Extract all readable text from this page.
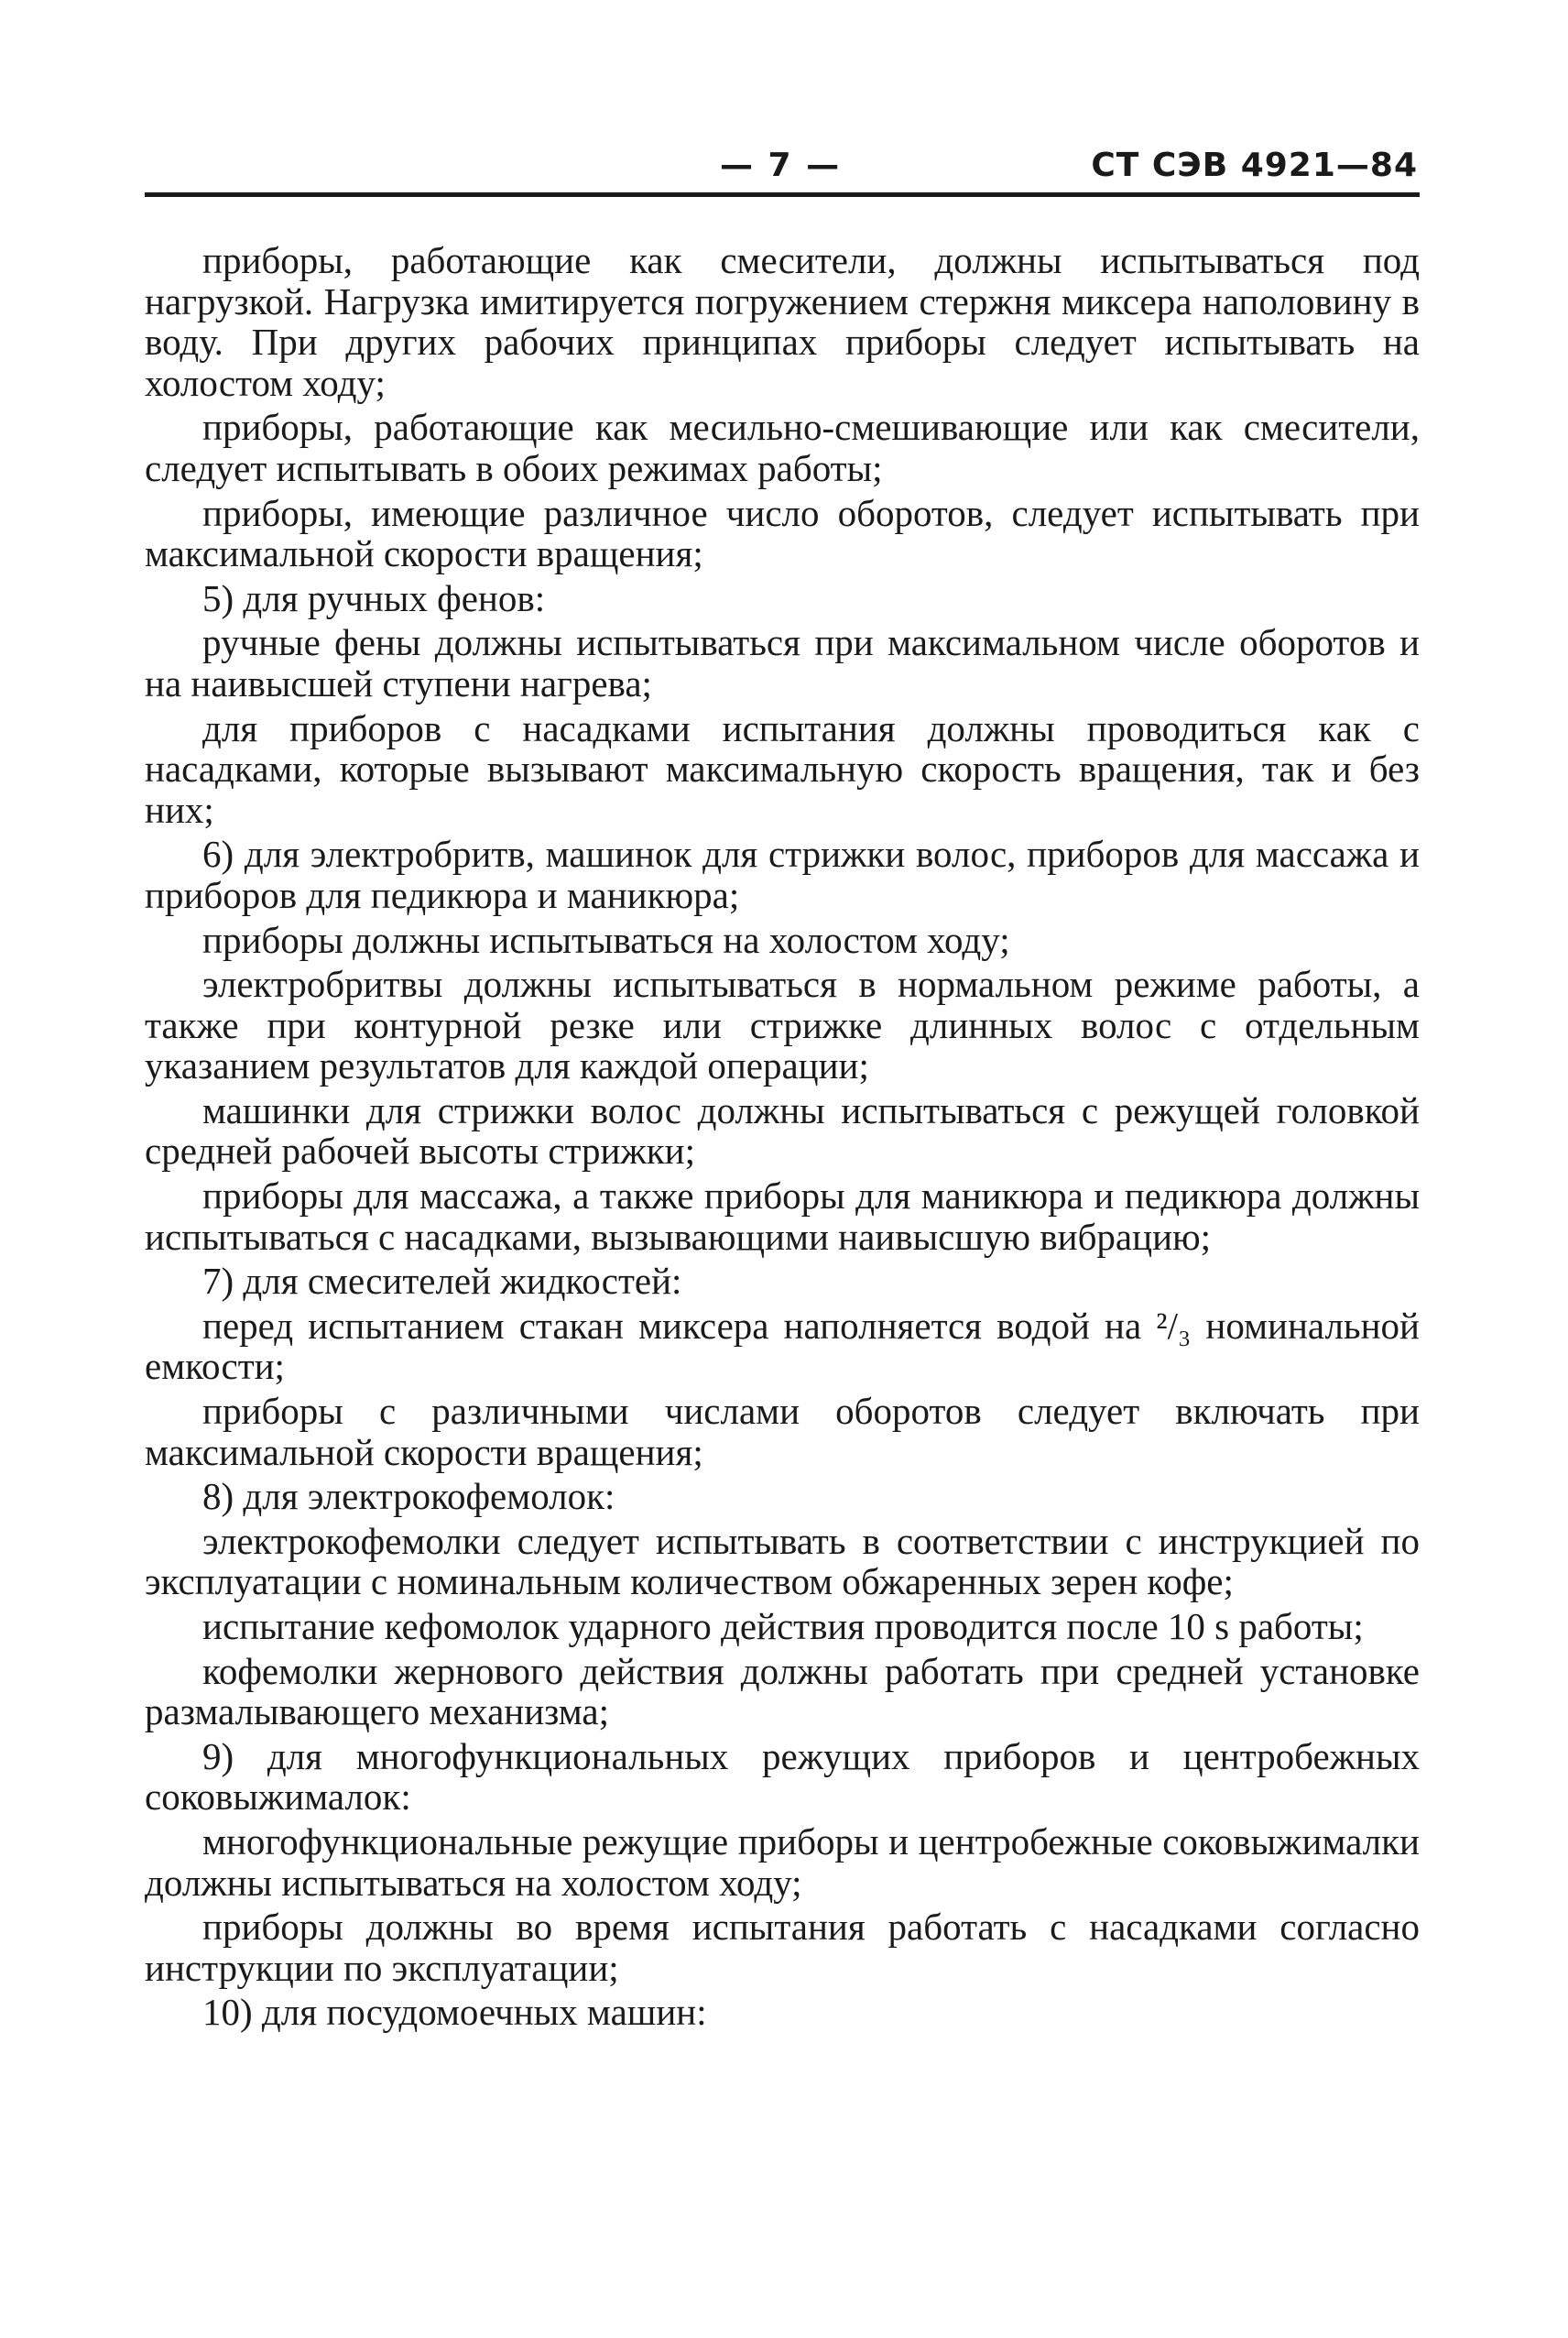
— 7 —	СТ СЭВ 4921—84

приборы, работающие как смесители, должны испытываться под нагрузкой. Нагрузка имитируется погружением стержня миксера наполовину в воду. При других рабочих принципах приборы следует испытывать на холостом ходу;

приборы, работающие как месильно-смешивающие или как смесители, следует испытывать в обоих режимах работы;

приборы, имеющие различное число оборотов, следует испытывать при максимальной скорости вращения;

5) для ручных фенов:

ручные фены должны испытываться при максимальном числе оборотов и на наивысшей ступени нагрева;

для приборов с насадками испытания должны проводиться как с насадками, которые вызывают максимальную скорость вращения, так и без них;

6) для электробритв, машинок для стрижки волос, приборов для массажа и приборов для педикюра и маникюра;

приборы должны испытываться на холостом ходу;

электробритвы должны испытываться в нормальном режиме работы, а также при контурной резке или стрижке длинных волос с отдельным указанием результатов для каждой операции;

машинки для стрижки волос должны испытываться с режущей головкой средней рабочей высоты стрижки;

приборы для массажа, а также приборы для маникюра и педикюра должны испытываться с насадками, вызывающими наивысшую вибрацию;

7) для смесителей жидкостей:

перед испытанием стакан миксера наполняется водой на ²/₃ номинальной емкости;

приборы с различными числами оборотов следует включать при максимальной скорости вращения;

8) для электрокофемолок:

электрокофемолки следует испытывать в соответствии с инструкцией по эксплуатации с номинальным количеством обжаренных зерен кофе;

испытание кефомолок ударного действия проводится после 10 s работы;

кофемолки жернового действия должны работать при средней установке размалывающего механизма;

9) для многофункциональных режущих приборов и центробежных соковыжималок:

многофункциональные режущие приборы и центробежные соковыжималки должны испытываться на холостом ходу;

приборы должны во время испытания работать с насадками согласно инструкции по эксплуатации;

10) для посудомоечных машин:
